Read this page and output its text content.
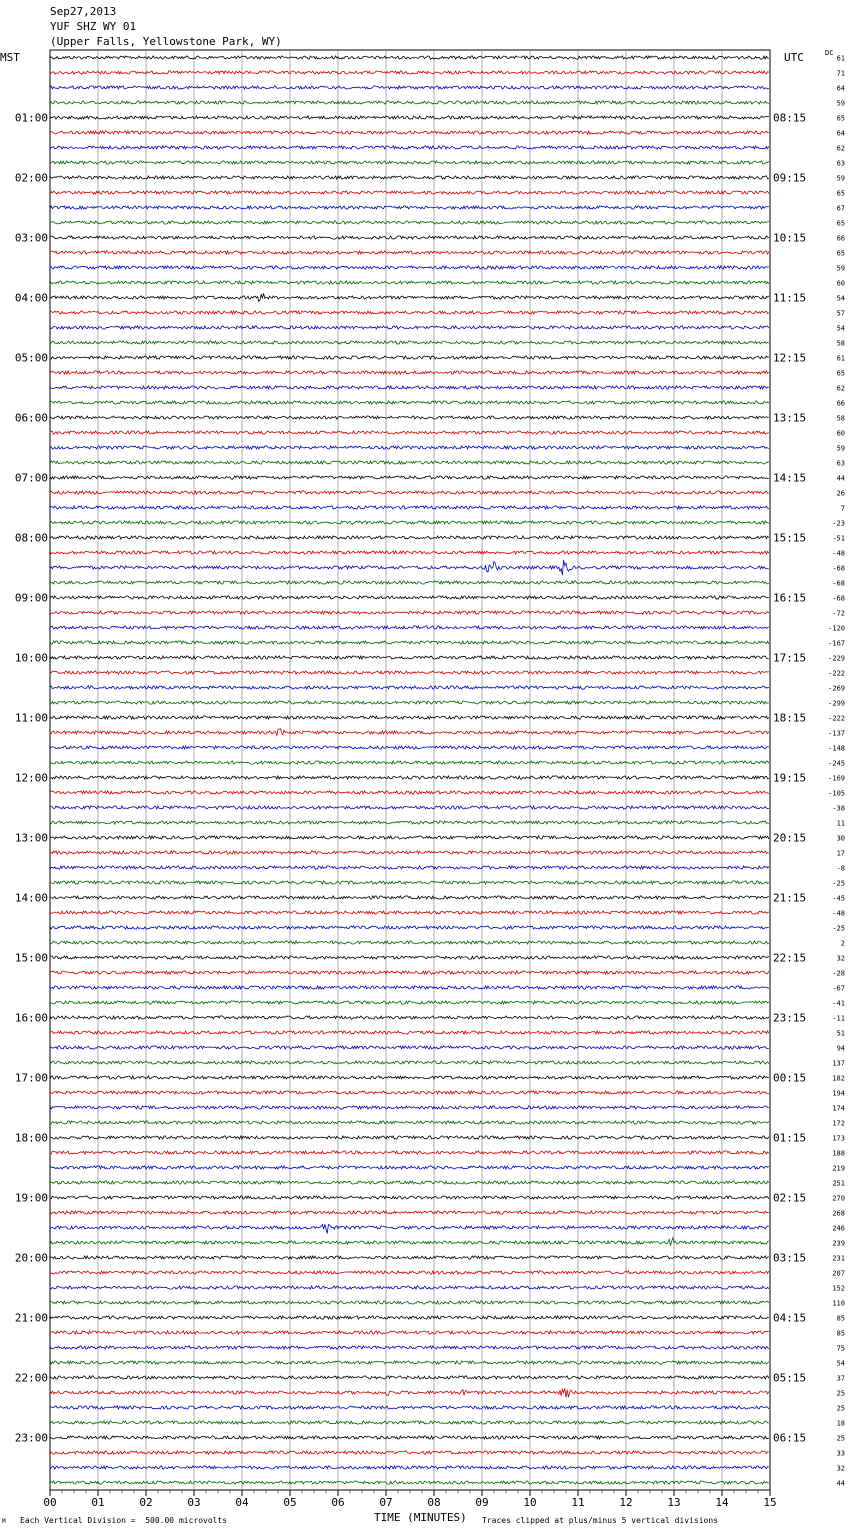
Sep27,2013
YUF SHZ WY 01
(Upper Falls, Yellowstone Park, WY)
00	01	02	03	04	05	06	07	08	09	10	11	12	13	14	15
MST	UTC	DC
01:00
02:00
03:00
04:00
05:00
06:00
07:00
08:00
09:00
10:00
11:00
12:00
13:00
14:00
15:00
16:00
17:00
18:00
19:00
20:00
21:00
22:00
23:00
08:15
09:15
10:15
11:15
12:15
13:15
14:15
15:15
16:15
17:15
18:15
19:15
20:15
21:15
22:15
23:15
00:15
01:15
02:15
03:15
04:15
05:15
06:15
61
71
64
59
65
64
62
63
59
65
67
65
66
65
59
60
54
57
54
58
61
65
62
66
58
60
59
63
44
26
7
-23
-51
-48
-68
-68
-68
-72
-120
-167
-229
-222
-269
-299
-222
-137
-148
-245
-169
-105
-38
11
30
17
-8
-25
-45
-48
-25
2
32
-28
-67
-41
-11
51
94
137
182
194
174
172
173
188
219
251
270
268
246
239
231
207
152
110
85
85
75
54
37
25
25
18
25
33
32
44
TIME (MINUTES)
Each Vertical Division =  500.00 microvolts	Traces clipped at plus/minus 5 vertical divisions
M
